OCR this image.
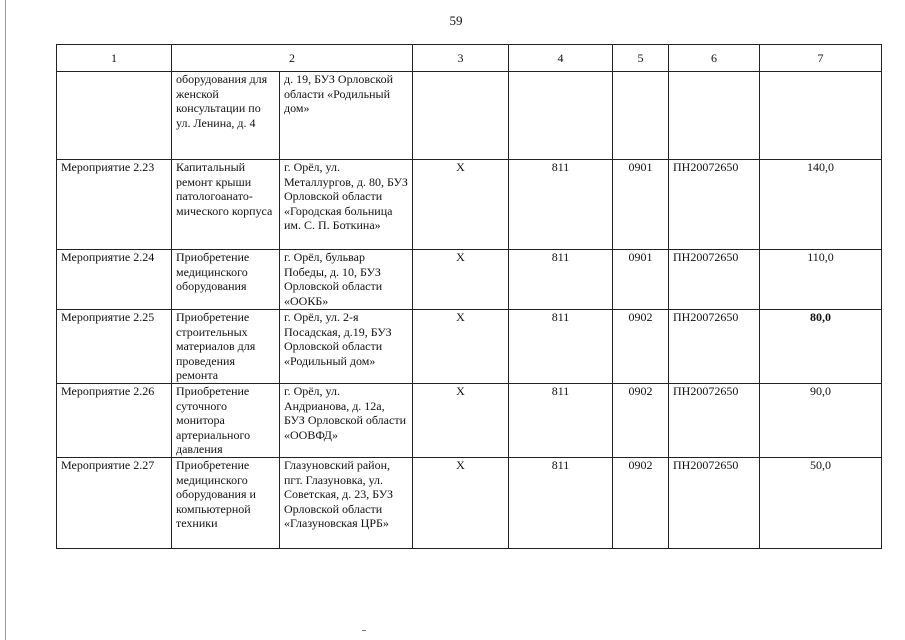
59
1	2		3	4	5	6	7
	оборудования для женской консультации по ул. Ленина, д. 4	д. 19, БУЗ Орловской области «Родильный дом»					
Мероприятие 2.23	Капитальный ремонт крыши патологоанато-мического корпуса	г. Орёл, ул. Металлургов, д. 80, БУЗ Орловской области «Городская больница им. С. П. Боткина»	Х	811	0901	ПН20072650	140,0
Мероприятие 2.24	Приобретение медицинского оборудования	г. Орёл, бульвар Победы, д. 10, БУЗ Орловской области «ООКБ»	Х	811	0901	ПН20072650	110,0
Мероприятие 2.25	Приобретение строительных материалов для проведения ремонта	г. Орёл, ул. 2-я Посадская, д.19, БУЗ Орловской области «Родильный дом»	Х	811	0902	ПН20072650	80,0
Мероприятие 2.26	Приобретение суточного монитора артериального давления	г. Орёл, ул. Андрианова, д. 12а, БУЗ Орловской области «ООВФД»	Х	811	0902	ПН20072650	90,0
Мероприятие 2.27	Приобретение медицинского оборудования и компьютерной техники	Глазуновский район, пгт. Глазуновка, ул. Советская, д. 23, БУЗ Орловской области «Глазуновская ЦРБ»	Х	811	0902	ПН20072650	50,0
